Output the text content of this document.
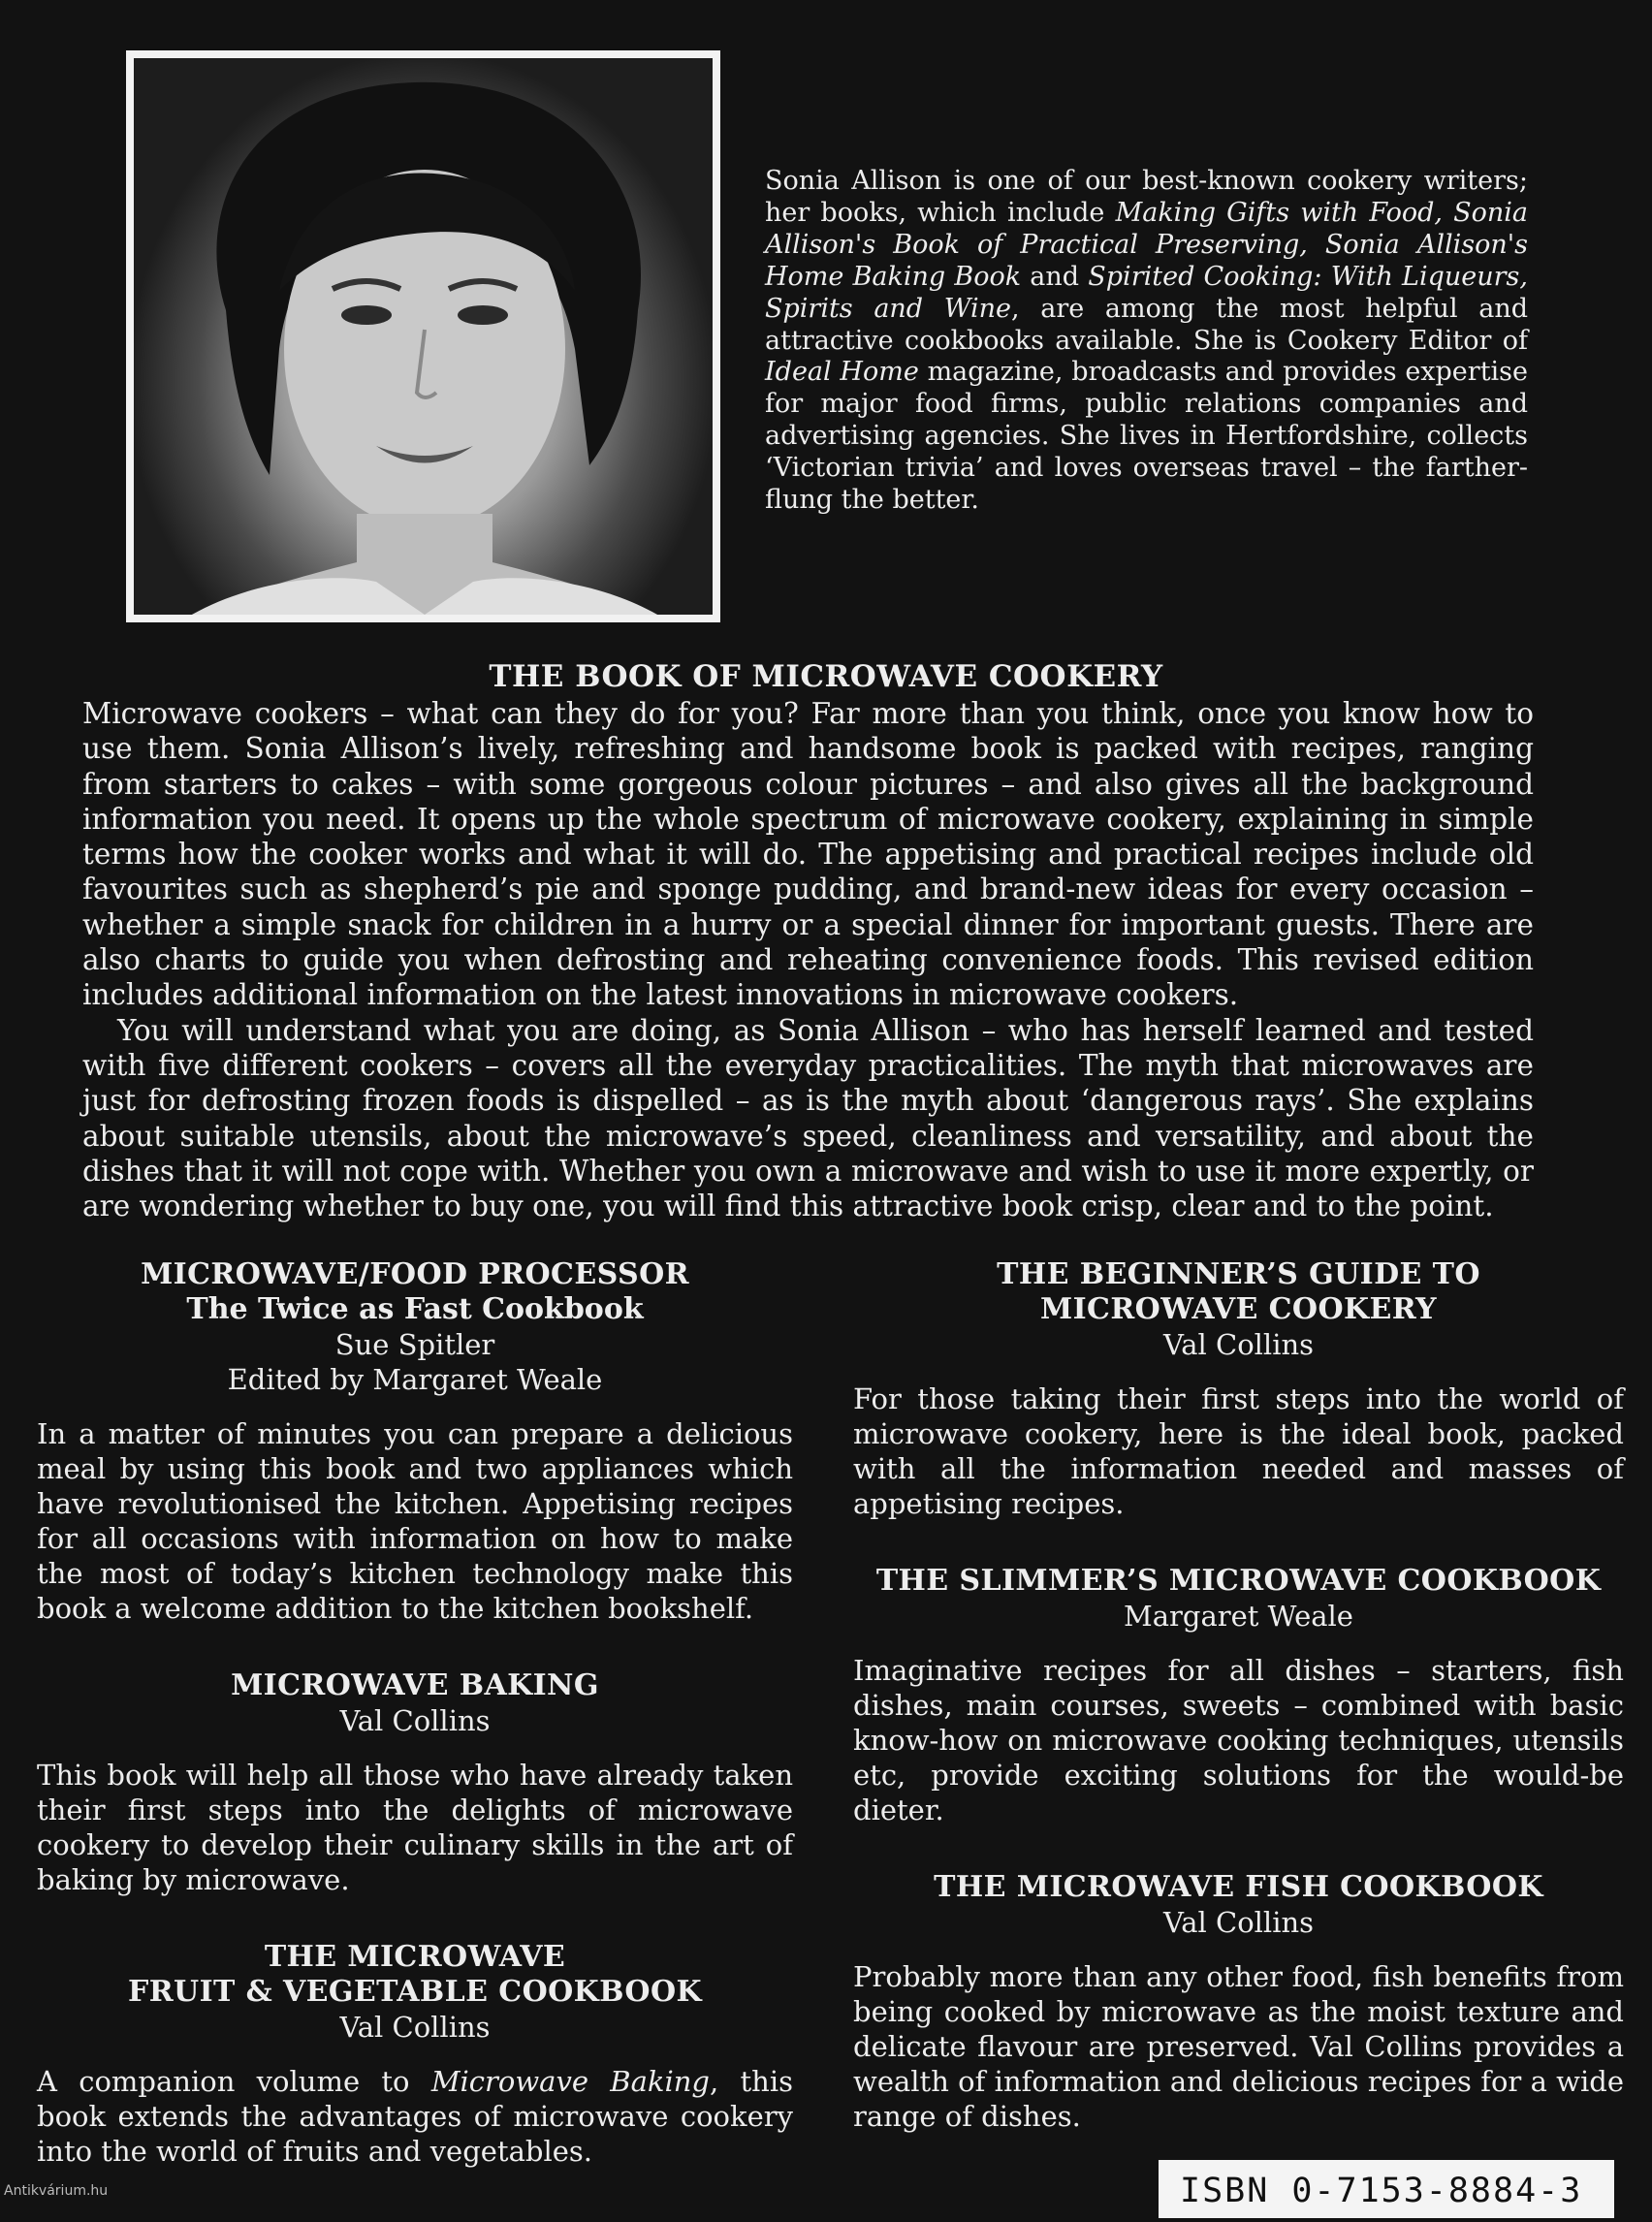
Sonia Allison is one of our best-known cookery writers; her books, which include Making Gifts with Food, Sonia Allison's Book of Practical Preserving, Sonia Allison's Home Baking Book and Spirited Cooking: With Liqueurs, Spirits and Wine, are among the most helpful and attractive cookbooks available. She is Cookery Editor of Ideal Home magazine, broadcasts and provides expertise for major food firms, public relations companies and advertising agencies. She lives in Hertfordshire, collects ‘Victorian trivia’ and loves overseas travel – the farther-flung the better.
THE BOOK OF MICROWAVE COOKERY

Microwave cookers – what can they do for you? Far more than you think, once you know how to use them. Sonia Allison’s lively, refreshing and handsome book is packed with recipes, ranging from starters to cakes – with some gorgeous colour pictures – and also gives all the background information you need. It opens up the whole spectrum of microwave cookery, explaining in simple terms how the cooker works and what it will do. The appetising and practical recipes include old favourites such as shepherd’s pie and sponge pudding, and brand-new ideas for every occasion – whether a simple snack for children in a hurry or a special dinner for important guests. There are also charts to guide you when defrosting and reheating convenience foods. This revised edition includes additional information on the latest innovations in microwave cookers.

You will understand what you are doing, as Sonia Allison – who has herself learned and tested with five different cookers – covers all the everyday practicalities. The myth that microwaves are just for defrosting frozen foods is dispelled – as is the myth about ‘dangerous rays’. She explains about suitable utensils, about the microwave’s speed, cleanliness and versatility, and about the dishes that it will not cope with. Whether you own a microwave and wish to use it more expertly, or are wondering whether to buy one, you will find this attractive book crisp, clear and to the point.

MICROWAVE/FOOD PROCESSOR
The Twice as Fast Cookbook
Sue Spitler
Edited by Margaret Weale

In a matter of minutes you can prepare a delicious meal by using this book and two appliances which have revolutionised the kitchen. Appetising recipes for all occasions with information on how to make the most of today’s kitchen technology make this book a welcome addition to the kitchen bookshelf.

MICROWAVE BAKING
Val Collins

This book will help all those who have already taken their first steps into the delights of microwave cookery to develop their culinary skills in the art of baking by microwave.

THE MICROWAVE
FRUIT & VEGETABLE COOKBOOK
Val Collins

A companion volume to Microwave Baking, this book extends the advantages of microwave cookery into the world of fruits and vegetables.

THE BEGINNER’S GUIDE TO
MICROWAVE COOKERY
Val Collins

For those taking their first steps into the world of microwave cookery, here is the ideal book, packed with all the information needed and masses of appetising recipes.

THE SLIMMER’S MICROWAVE COOKBOOK
Margaret Weale

Imaginative recipes for all dishes – starters, fish dishes, main courses, sweets – combined with basic know-how on microwave cooking techniques, utensils etc, provide exciting solutions for the would-be dieter.

THE MICROWAVE FISH COOKBOOK
Val Collins

Probably more than any other food, fish benefits from being cooked by microwave as the moist texture and delicate flavour are preserved. Val Collins provides a wealth of information and delicious recipes for a wide range of dishes.

ISBN 0-7153-8884-3
Antikvárium.hu
